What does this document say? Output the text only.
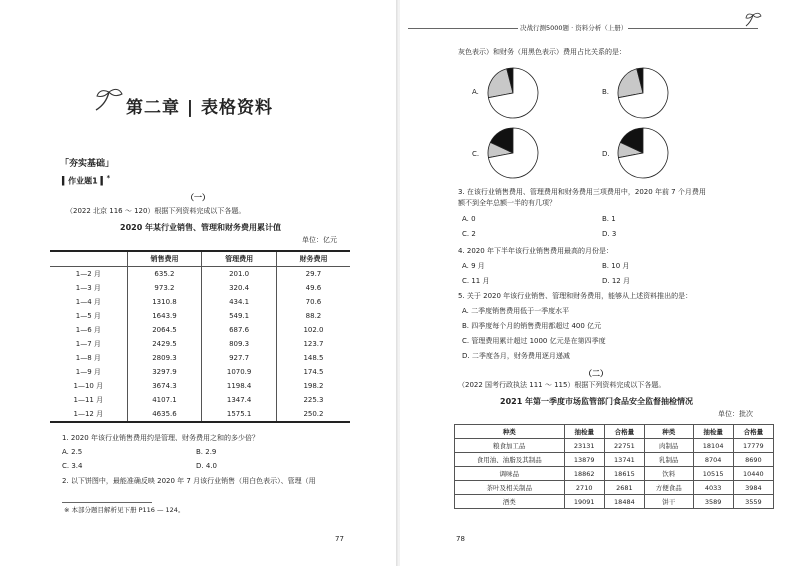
第二章 | 表格资料
「夯实基础」
▍作业题1 ▍*
（一）
（2022 北京 116 ～ 120）根据下列资料完成以下各题。
2020 年某行业销售、管理和财务费用累计值
单位：亿元
	销售费用	管理费用	财务费用
1—2 月	635.2	201.0	29.7
1—3 月	973.2	320.4	49.6
1—4 月	1310.8	434.1	70.6
1—5 月	1643.9	549.1	88.2
1—6 月	2064.5	687.6	102.0
1—7 月	2429.5	809.3	123.7
1—8 月	2809.3	927.7	148.5
1—9 月	3297.9	1070.9	174.5
1—10 月	3674.3	1198.4	198.2
1—11 月	4107.1	1347.4	225.3
1—12 月	4635.6	1575.1	250.2
1. 2020 年该行业销售费用约是管理、财务费用之和的多少倍？
A. 2.5	B. 2.9
C. 3.4	D. 4.0
2. 以下饼图中，最能准确反映 2020 年 7 月该行业销售（用白色表示）、管理（用
※ 本部分题目解析见下册 P116 — 124。
77
决战行测5000题 · 资料分析（上册）
灰色表示）和财务（用黑色表示）费用占比关系的是：
A.	B.
C.	D.
3. 在该行业销售费用、管理费用和财务费用三项费用中，2020 年前 7 个月费用
额不到全年总额一半的有几项？
A. 0	B. 1
C. 2	D. 3
4. 2020 年下半年该行业销售费用最高的月份是：
A. 9 月	B. 10 月
C. 11 月	D. 12 月
5. 关于 2020 年该行业销售、管理和财务费用，能够从上述资料推出的是：
A. 二季度销售费用低于一季度水平
B. 四季度每个月的销售费用都超过 400 亿元
C. 管理费用累计超过 1000 亿元是在第四季度
D. 二季度各月，财务费用逐月递减
（二）
（2022 国考行政执法 111 ～ 115）根据下列资料完成以下各题。
2021 年第一季度市场监管部门食品安全监督抽检情况
单位：批次
种类	抽检量	合格量	种类	抽检量	合格量
粮食加工品	23131	22751	肉制品	18104	17779
食用油、油脂及其制品	13879	13741	乳制品	8704	8690
调味品	18862	18615	饮料	10515	10440
茶叶及相关制品	2710	2681	方便食品	4033	3984
酒类	19091	18484	饼干	3589	3559
78
